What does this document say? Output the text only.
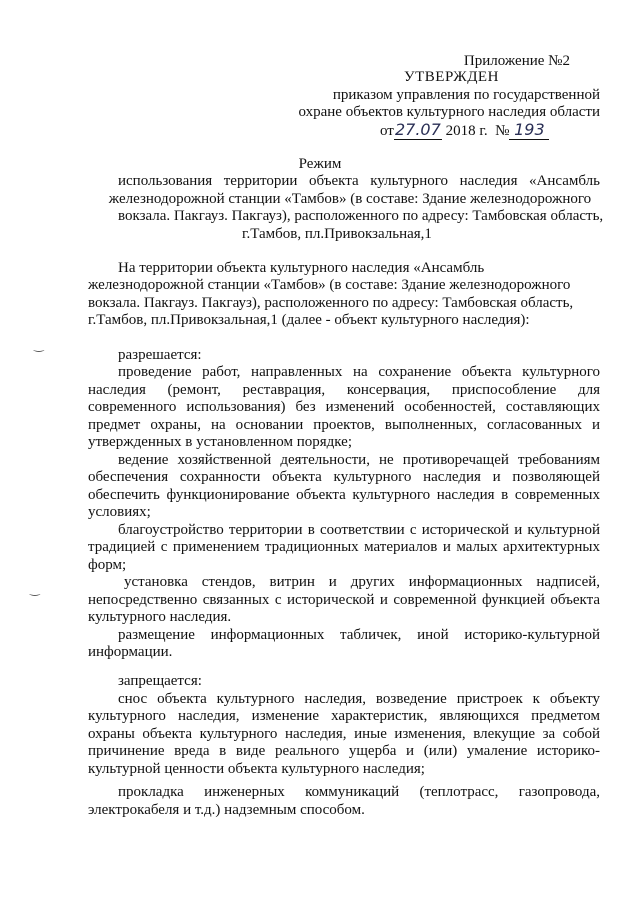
Приложение №2
УТВЕРЖДЕН
приказом управления по государственной
охране объектов культурного наследия области
от27.07 2018 г. № 193
Режим
использования территории объекта культурного наследия «Ансамбль
железнодорожной станции «Тамбов» (в составе: Здание железнодорожного
вокзала. Пакгауз. Пакгауз), расположенного по адресу: Тамбовская область,
г.Тамбов, пл.Привокзальная,1
На территории объекта культурного наследия «Ансамбль
железнодорожной станции «Тамбов» (в составе: Здание железнодорожного
вокзала. Пакгауз. Пакгауз), расположенного по адресу: Тамбовская область,
г.Тамбов, пл.Привокзальная,1 (далее - объект культурного наследия):
‿
разрешается:
проведение работ, направленных на сохранение объекта культурного
наследия (ремонт, реставрация, консервация, приспособление для
современного использования) без изменений особенностей, составляющих
предмет охраны, на основании проектов, выполненных, согласованных и
утвержденных в установленном порядке;
ведение хозяйственной деятельности, не противоречащей требованиям
обеспечения сохранности объекта культурного наследия и позволяющей
обеспечить функционирование объекта культурного наследия в современных
условиях;
благоустройство территории в соответствии с исторической и культурной
традицией с применением традиционных материалов и малых архитектурных
форм;
установка стендов, витрин и других информационных надписей,
непосредственно связанных с исторической и современной функцией объекта
культурного наследия.
размещение информационных табличек, иной историко-культурной
информации.
‿
запрещается:
снос объекта культурного наследия, возведение пристроек к объекту
культурного наследия, изменение характеристик, являющихся предметом
охраны объекта культурного наследия, иные изменения, влекущие за собой
причинение вреда в виде реального ущерба и (или) умаление историко-
культурной ценности объекта культурного наследия;
прокладка инженерных коммуникаций (теплотрасс, газопровода,
электрокабеля и т.д.) надземным способом.
